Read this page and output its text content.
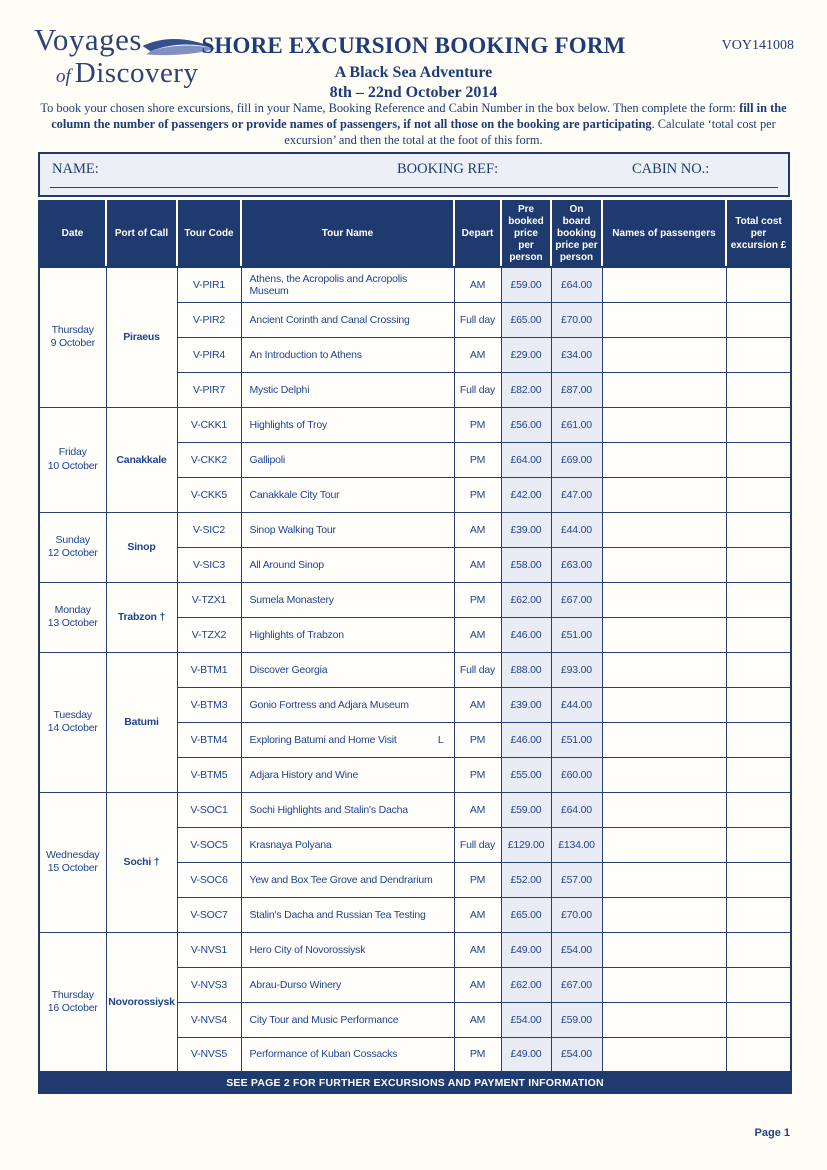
Voyages
of Discovery
SHORE EXCURSION BOOKING FORM
A Black Sea Adventure
8th – 22nd October 2014
VOY141008

To book your chosen shore excursions, fill in your Name, Booking Reference and Cabin Number in the box below. Then complete the form: fill in the column the number of passengers or provide names of passengers, if not all those on the booking are participating. Calculate ‘total cost per excursion’ and then the total at the foot of this form.

NAME:	BOOKING REF:	CABIN NO.:
Date	Port of Call	Tour Code	Tour Name	Depart	Pre booked price per person	On board booking price per person	Names of passengers	Total cost per excursion £

Thursday
9 October	Piraeus	V-PIR1	Athens, the Acropolis and Acropolis Museum	AM	£59.00	£64.00		
		V-PIR2	Ancient Corinth and Canal Crossing	Full day	£65.00	£70.00		
		V-PIR4	An Introduction to Athens	AM	£29.00	£34.00		
		V-PIR7	Mystic Delphi	Full day	£82.00	£87.00		

Friday
10 October	Canakkale	V-CKK1	Highlights of Troy	PM	£56.00	£61.00		
		V-CKK2	Gallipoli	PM	£64.00	£69.00		
		V-CKK5	Canakkale City Tour	PM	£42.00	£47.00		

Sunday
12 October	Sinop	V-SIC2	Sinop Walking Tour	AM	£39.00	£44.00		
		V-SIC3	All Around Sinop	AM	£58.00	£63.00		

Monday
13 October	Trabzon †	V-TZX1	Sumela Monastery	PM	£62.00	£67.00		
		V-TZX2	Highlights of Trabzon	AM	£46.00	£51.00		

Tuesday
14 October	Batumi	V-BTM1	Discover Georgia	Full day	£88.00	£93.00		
		V-BTM3	Gonio Fortress and Adjara Museum	AM	£39.00	£44.00		
		V-BTM4	Exploring Batumi and Home Visit L	PM	£46.00	£51.00		
		V-BTM5	Adjara History and Wine	PM	£55.00	£60.00		

Wednesday
15 October	Sochi †	V-SOC1	Sochi Highlights and Stalin's Dacha	AM	£59.00	£64.00		
		V-SOC5	Krasnaya Polyana	Full day	£129.00	£134.00		
		V-SOC6	Yew and Box Tee Grove and Dendrarium	PM	£52.00	£57.00		
		V-SOC7	Stalin's Dacha and Russian Tea Testing	AM	£65.00	£70.00		

Thursday
16 October	Novorossiysk	V-NVS1	Hero City of Novorossiysk	AM	£49.00	£54.00		
		V-NVS3	Abrau-Durso Winery	AM	£62.00	£67.00		
		V-NVS4	City Tour and Music Performance	AM	£54.00	£59.00		
		V-NVS5	Performance of Kuban Cossacks	PM	£49.00	£54.00		
SEE PAGE 2 FOR FURTHER EXCURSIONS AND PAYMENT INFORMATION								
Page 1
